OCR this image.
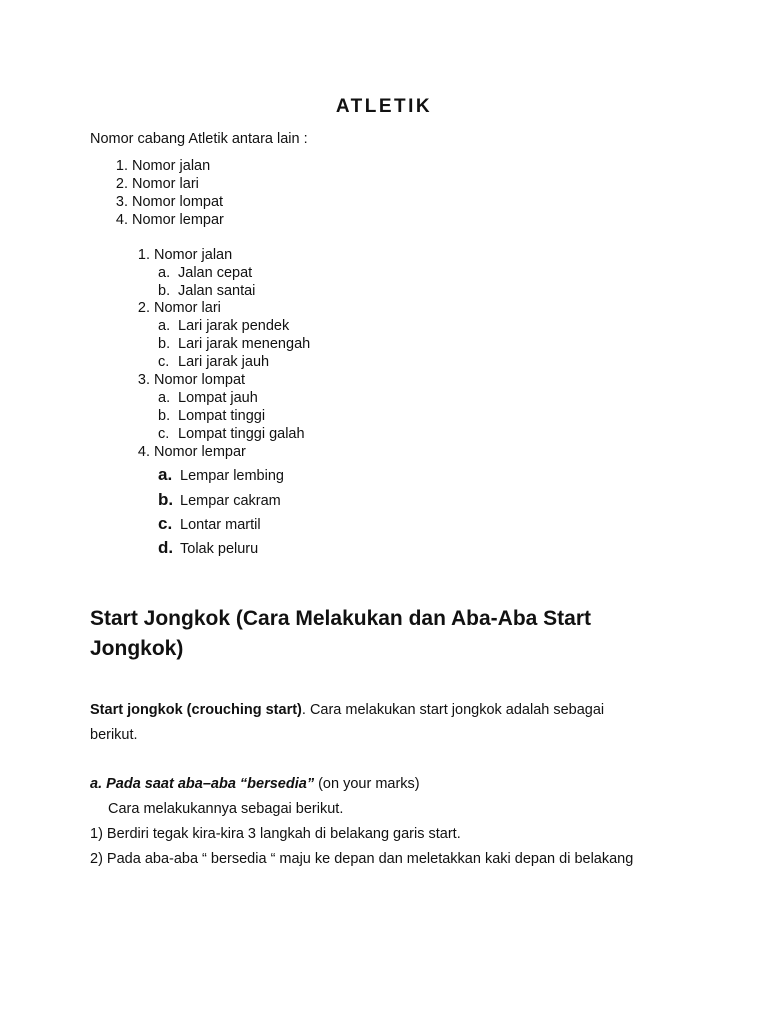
ATLETIK
Nomor cabang Atletik antara lain :
1. Nomor jalan
2. Nomor lari
3. Nomor lompat
4. Nomor lempar
1. Nomor jalan
a. Jalan cepat
b. Jalan santai
2. Nomor lari
a. Lari jarak pendek
b. Lari jarak menengah
c. Lari jarak jauh
3. Nomor lompat
a. Lompat jauh
b. Lompat tinggi
c. Lompat tinggi galah
4. Nomor lempar
a. Lempar lembing
b. Lempar cakram
c. Lontar martil
d. Tolak peluru
Start Jongkok (Cara Melakukan dan Aba-Aba Start Jongkok)
Start jongkok (crouching start). Cara melakukan start jongkok adalah sebagai
berikut.
a. Pada saat aba–aba “bersedia” (on your marks)
Cara melakukannya sebagai berikut.
1) Berdiri tegak kira-kira 3 langkah di belakang garis start.
2) Pada aba-aba “ bersedia “ maju ke depan dan meletakkan kaki depan di belakang
